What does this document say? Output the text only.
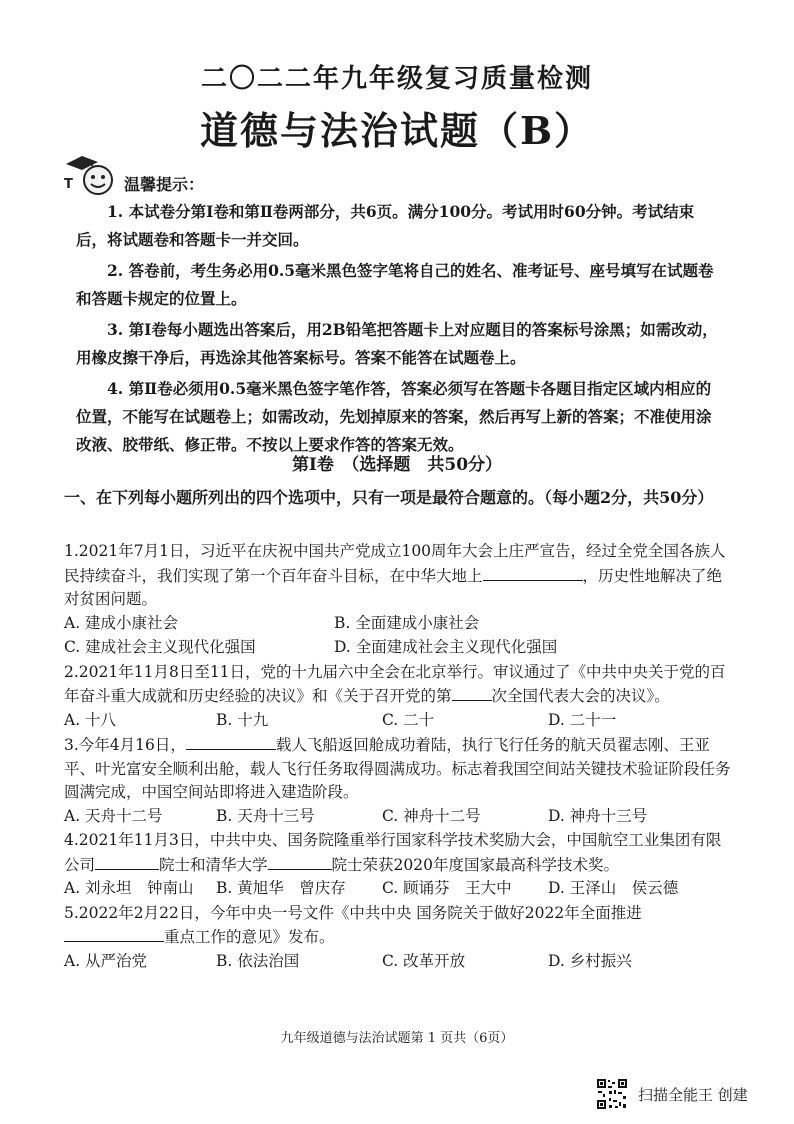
二〇二二年九年级复习质量检测
道德与法治试题（B）
T	温馨提示：

1. 本试卷分第Ⅰ卷和第Ⅱ卷两部分，共6页。满分100分。考试用时60分钟。考试结束后，将试题卷和答题卡一并交回。

2. 答卷前，考生务必用0.5毫米黑色签字笔将自己的姓名、准考证号、座号填写在试题卷和答题卡规定的位置上。

3. 第Ⅰ卷每小题选出答案后，用2B铅笔把答题卡上对应题目的答案标号涂黑；如需改动，用橡皮擦干净后，再选涂其他答案标号。答案不能答在试题卷上。

4. 第Ⅱ卷必须用0.5毫米黑色签字笔作答，答案必须写在答题卡各题目指定区域内相应的位置，不能写在试题卷上；如需改动，先划掉原来的答案，然后再写上新的答案；不准使用涂改液、胶带纸、修正带。不按以上要求作答的答案无效。

第Ⅰ卷　（选择题　共50分）
一、在下列每小题所列出的四个选项中，只有一项是最符合题意的。（每小题2分，共50分）

1.2021年7月1日，习近平在庆祝中国共产党成立100周年大会上庄严宣告，经过全党全国各族人民持续奋斗，我们实现了第一个百年奋斗目标，在中华大地上	，历史性地解决了绝对贫困问题。

A. 建成小康社会	B. 全面建成小康社会
C. 建成社会主义现代化强国	D. 全面建成社会主义现代化强国

2.2021年11月8日至11日，党的十九届六中全会在北京举行。审议通过了《中共中央关于党的百年奋斗重大成就和历史经验的决议》和《关于召开党的第	次全国代表大会的决议》。

A. 十八	B. 十九	C. 二十	D. 二十一

3.今年4月16日，	载人飞船返回舱成功着陆，执行飞行任务的航天员翟志刚、王亚平、叶光富安全顺利出舱，载人飞行任务取得圆满成功。标志着我国空间站关键技术验证阶段任务圆满完成，中国空间站即将进入建造阶段。

A. 天舟十二号	B. 天舟十三号	C. 神舟十二号	D. 神舟十三号

4.2021年11月3日，中共中央、国务院隆重举行国家科学技术奖励大会，中国航空工业集团有限公司	院士和清华大学	院士荣获2020年度国家最高科学技术奖。

A. 刘永坦　钟南山	B. 黄旭华　曾庆存	C. 顾诵芬　王大中	D. 王泽山　侯云德

5.2022年2月22日，今年中央一号文件《中共中央 国务院关于做好2022年全面推进重点工作的意见》发布。

A. 从严治党	B. 依法治国	C. 改革开放	D. 乡村振兴
九年级道德与法治试题第 1 页共（6页）
扫描全能王 创建
